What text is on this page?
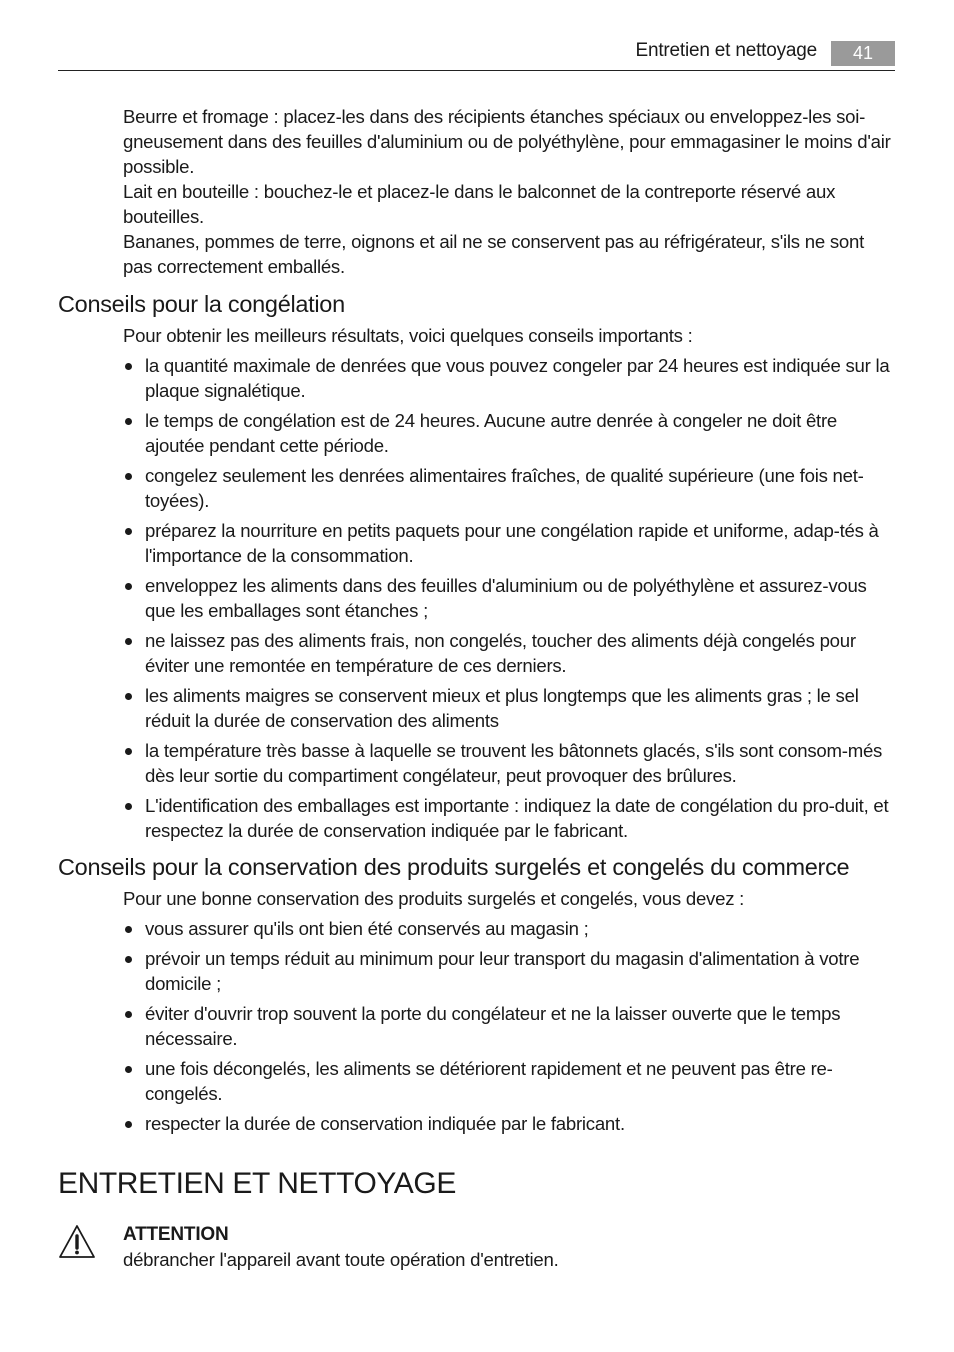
Entretien et nettoyage	41

Beurre et fromage : placez-les dans des récipients étanches spéciaux ou enveloppez-les soi-gneusement dans des feuilles d'aluminium ou de polyéthylène, pour emmagasiner le moins d'air possible.

Lait en bouteille : bouchez-le et placez-le dans le balconnet de la contreporte réservé aux bouteilles.

Bananes, pommes de terre, oignons et ail ne se conservent pas au réfrigérateur, s'ils ne sont pas correctement emballés.

Conseils pour la congélation

Pour obtenir les meilleurs résultats, voici quelques conseils importants :

la quantité maximale de denrées que vous pouvez congeler par 24 heures est indiquée sur la plaque signalétique.
le temps de congélation est de 24 heures. Aucune autre denrée à congeler ne doit être ajoutée pendant cette période.
congelez seulement les denrées alimentaires fraîches, de qualité supérieure (une fois net-toyées).
préparez la nourriture en petits paquets pour une congélation rapide et uniforme, adap-tés à l'importance de la consommation.
enveloppez les aliments dans des feuilles d'aluminium ou de polyéthylène et assurez-vous que les emballages sont étanches ;
ne laissez pas des aliments frais, non congelés, toucher des aliments déjà congelés pour éviter une remontée en température de ces derniers.
les aliments maigres se conservent mieux et plus longtemps que les aliments gras ; le sel réduit la durée de conservation des aliments
la température très basse à laquelle se trouvent les bâtonnets glacés, s'ils sont consom-més dès leur sortie du compartiment congélateur, peut provoquer des brûlures.
L'identification des emballages est importante : indiquez la date de congélation du pro-duit, et respectez la durée de conservation indiquée par le fabricant.
Conseils pour la conservation des produits surgelés et congelés du commerce

Pour une bonne conservation des produits surgelés et congelés, vous devez :

vous assurer qu'ils ont bien été conservés au magasin ;
prévoir un temps réduit au minimum pour leur transport du magasin d'alimentation à votre domicile ;
éviter d'ouvrir trop souvent la porte du congélateur et ne la laisser ouverte que le temps nécessaire.
une fois décongelés, les aliments se détériorent rapidement et ne peuvent pas être re-congelés.
respecter la durée de conservation indiquée par le fabricant.
ENTRETIEN ET NETTOYAGE
ATTENTION

débrancher l'appareil avant toute opération d'entretien.
